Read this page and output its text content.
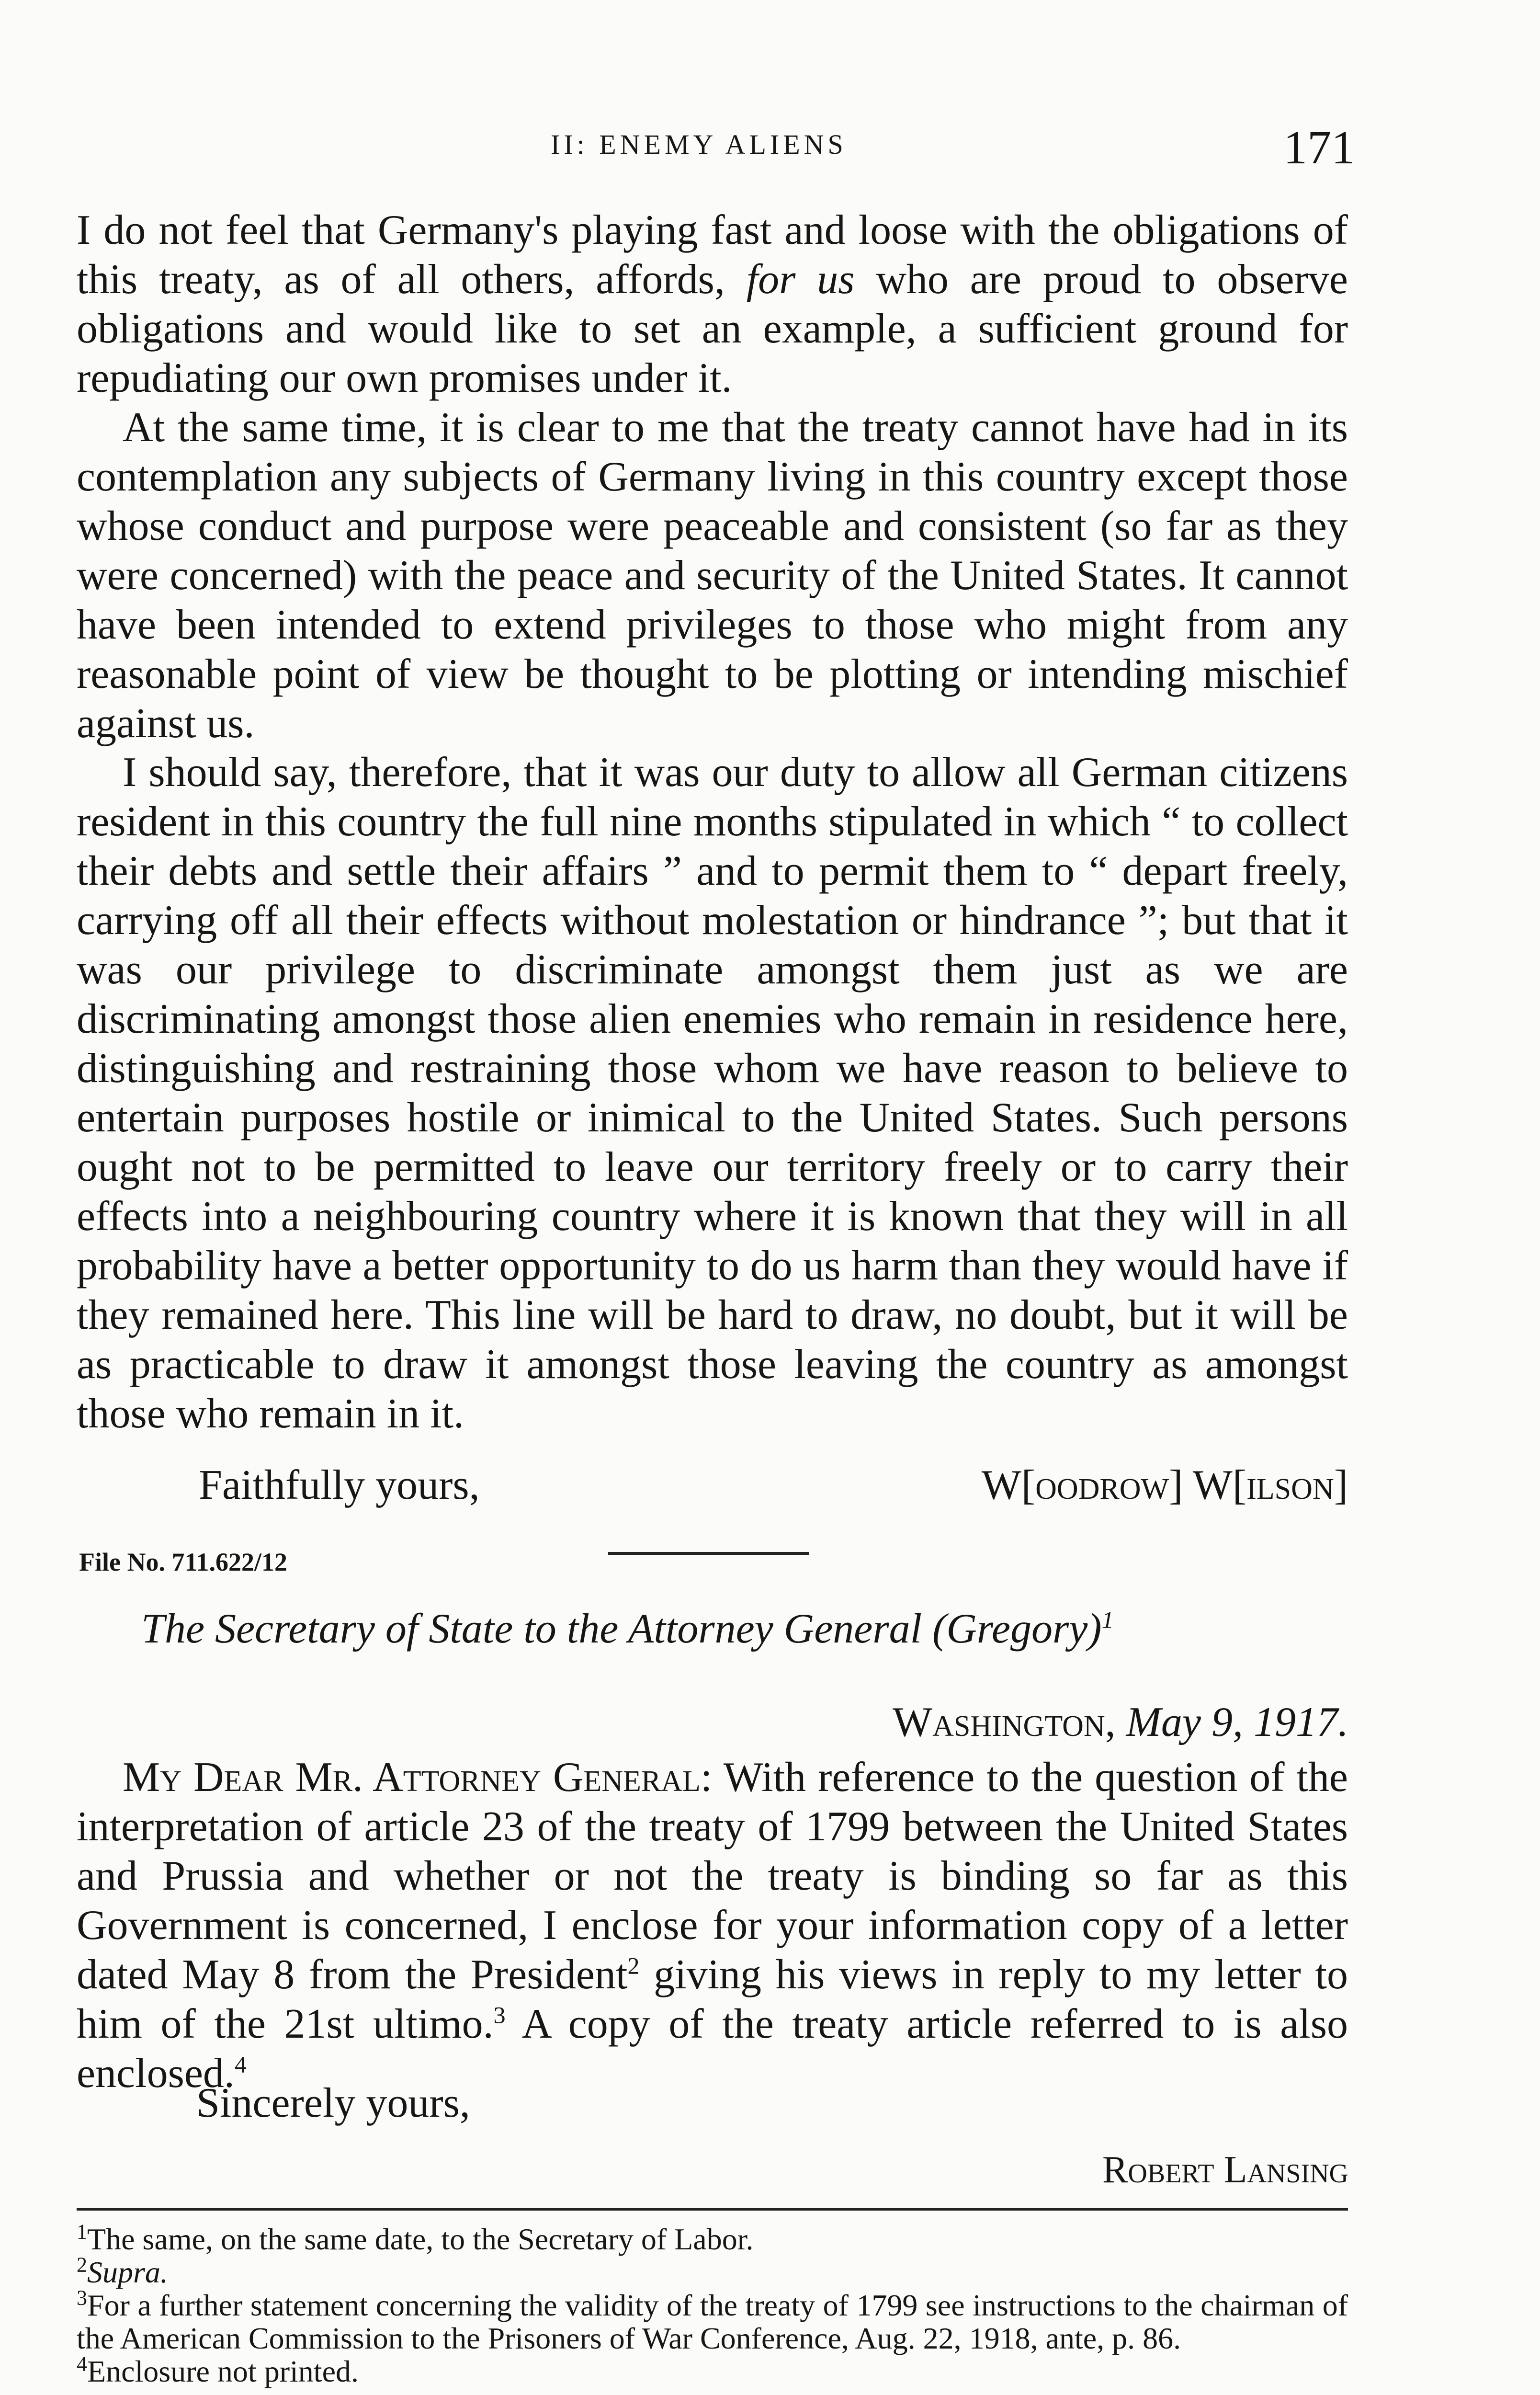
II: ENEMY ALIENS	171

I do not feel that Germany's playing fast and loose with the obligations of this treaty, as of all others, affords, for us who are proud to observe obligations and would like to set an example, a sufficient ground for repudiating our own promises under it.

At the same time, it is clear to me that the treaty cannot have had in its contemplation any subjects of Germany living in this country except those whose conduct and purpose were peaceable and consistent (so far as they were concerned) with the peace and security of the United States. It cannot have been intended to extend privileges to those who might from any reasonable point of view be thought to be plotting or intending mischief against us.

I should say, therefore, that it was our duty to allow all German citizens resident in this country the full nine months stipulated in which “ to collect their debts and settle their affairs ” and to permit them to “ depart freely, carrying off all their effects without molestation or hindrance ”; but that it was our privilege to discriminate amongst them just as we are discriminating amongst those alien enemies who remain in residence here, distinguishing and restraining those whom we have reason to believe to entertain purposes hostile or inimical to the United States. Such persons ought not to be permitted to leave our territory freely or to carry their effects into a neighbouring country where it is known that they will in all probability have a better opportunity to do us harm than they would have if they remained here. This line will be hard to draw, no doubt, but it will be as practicable to draw it amongst those leaving the country as amongst those who remain in it.

Faithfully yours,	W[oodrow] W[ilson]
File No. 711.622/12
The Secretary of State to the Attorney General (Gregory)$^1$
Washington, May 9, 1917.

My Dear Mr. Attorney General: With reference to the question of the interpretation of article 23 of the treaty of 1799 between the United States and Prussia and whether or not the treaty is binding so far as this Government is concerned, I enclose for your information copy of a letter dated May 8 from the President$^2$ giving his views in reply to my letter to him of the 21st ultimo.$^3$ A copy of the treaty article referred to is also enclosed.$^4$

Sincerely yours,
Robert Lansing

$^1$The same, on the same date, to the Secretary of Labor.

$^2$Supra.

$^3$For a further statement concerning the validity of the treaty of 1799 see instructions to the chairman of the American Commission to the Prisoners of War Conference, Aug. 22, 1918, ante, p. 86.

$^4$Enclosure not printed.
